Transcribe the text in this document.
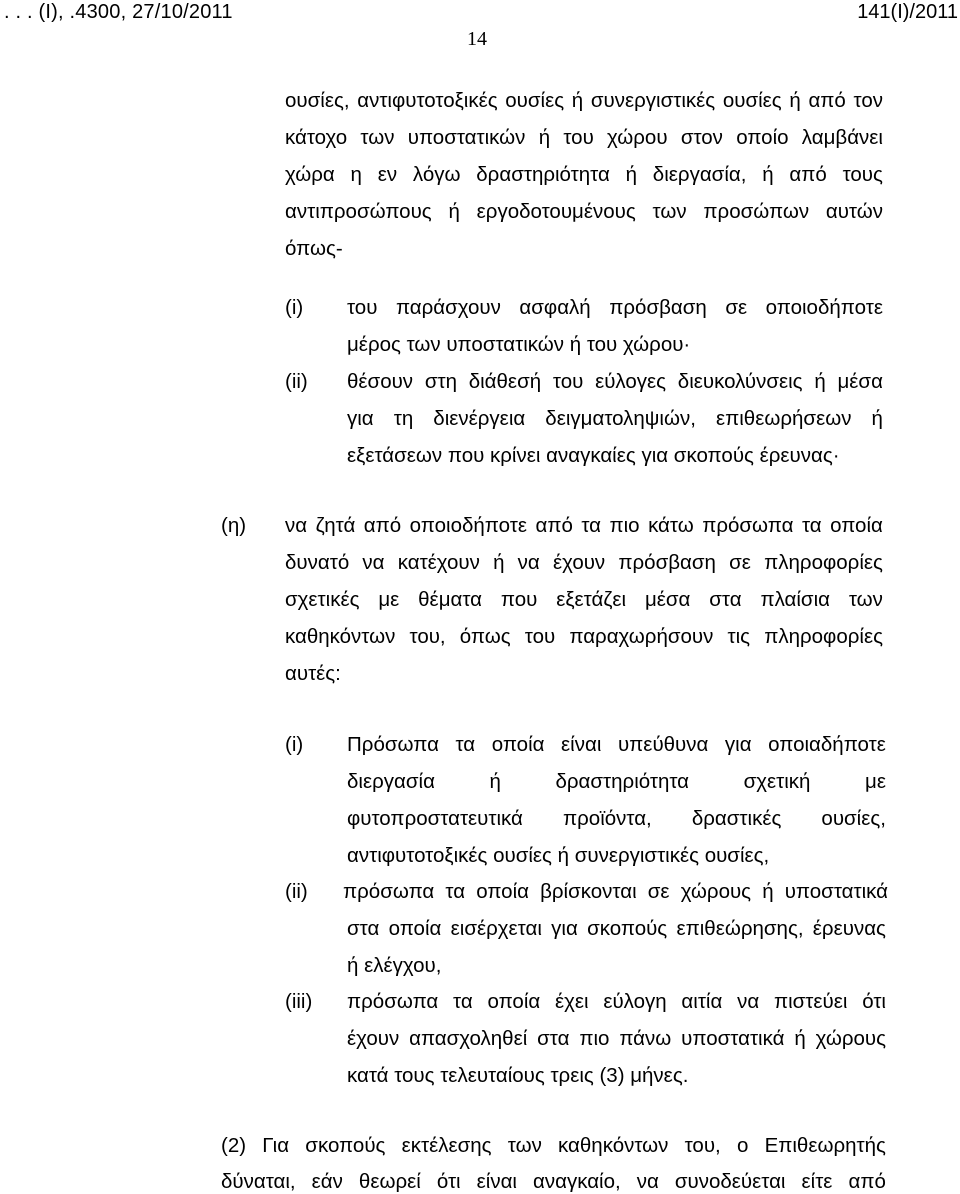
. . . (Ι), .4300, 27/10/2011	141(Ι)/2011
14
ουσίες, αντιφυτοτοξικές ουσίες ή συνεργιστικές ουσίες ή από τον
κάτοχο των υποστατικών ή του χώρου στον οποίο λαμβάνει
χώρα η εν λόγω δραστηριότητα ή διεργασία, ή από τους
αντιπροσώπους ή εργοδοτουμένους των προσώπων αυτών
όπως-
(i) του παράσχουν ασφαλή πρόσβαση σε οποιοδήποτε
μέρος των υποστατικών ή του χώρου·
(ii) θέσουν στη διάθεσή του εύλογες διευκολύνσεις ή μέσα
για τη διενέργεια δειγματοληψιών, επιθεωρήσεων ή
εξετάσεων που κρίνει αναγκαίες για σκοπούς έρευνας·
(η) να ζητά από οποιοδήποτε από τα πιο κάτω πρόσωπα τα οποία
δυνατό να κατέχουν ή να έχουν πρόσβαση σε πληροφορίες
σχετικές με θέματα που εξετάζει μέσα στα πλαίσια των
καθηκόντων του, όπως του παραχωρήσουν τις πληροφορίες
αυτές:
(i) Πρόσωπα τα οποία είναι υπεύθυνα για οποιαδήποτε
διεργασία	ή	δραστηριότητα	σχετική	με
φυτοπροστατευτικά προϊόντα, δραστικές ουσίες,
αντιφυτοτοξικές ουσίες ή συνεργιστικές ουσίες,
(ii) πρόσωπα τα οποία βρίσκονται σε χώρους ή υποστατικά
στα οποία εισέρχεται για σκοπούς επιθεώρησης, έρευνας
ή ελέγχου,
(iii) πρόσωπα τα οποία έχει εύλογη αιτία να πιστεύει ότι
έχουν απασχοληθεί στα πιο πάνω υποστατικά ή χώρους
κατά τους τελευταίους τρεις (3) μήνες.
(2) Για σκοπούς εκτέλεσης των καθηκόντων του, ο Επιθεωρητής
δύναται, εάν θεωρεί ότι είναι αναγκαίο, να συνοδεύεται είτε από
